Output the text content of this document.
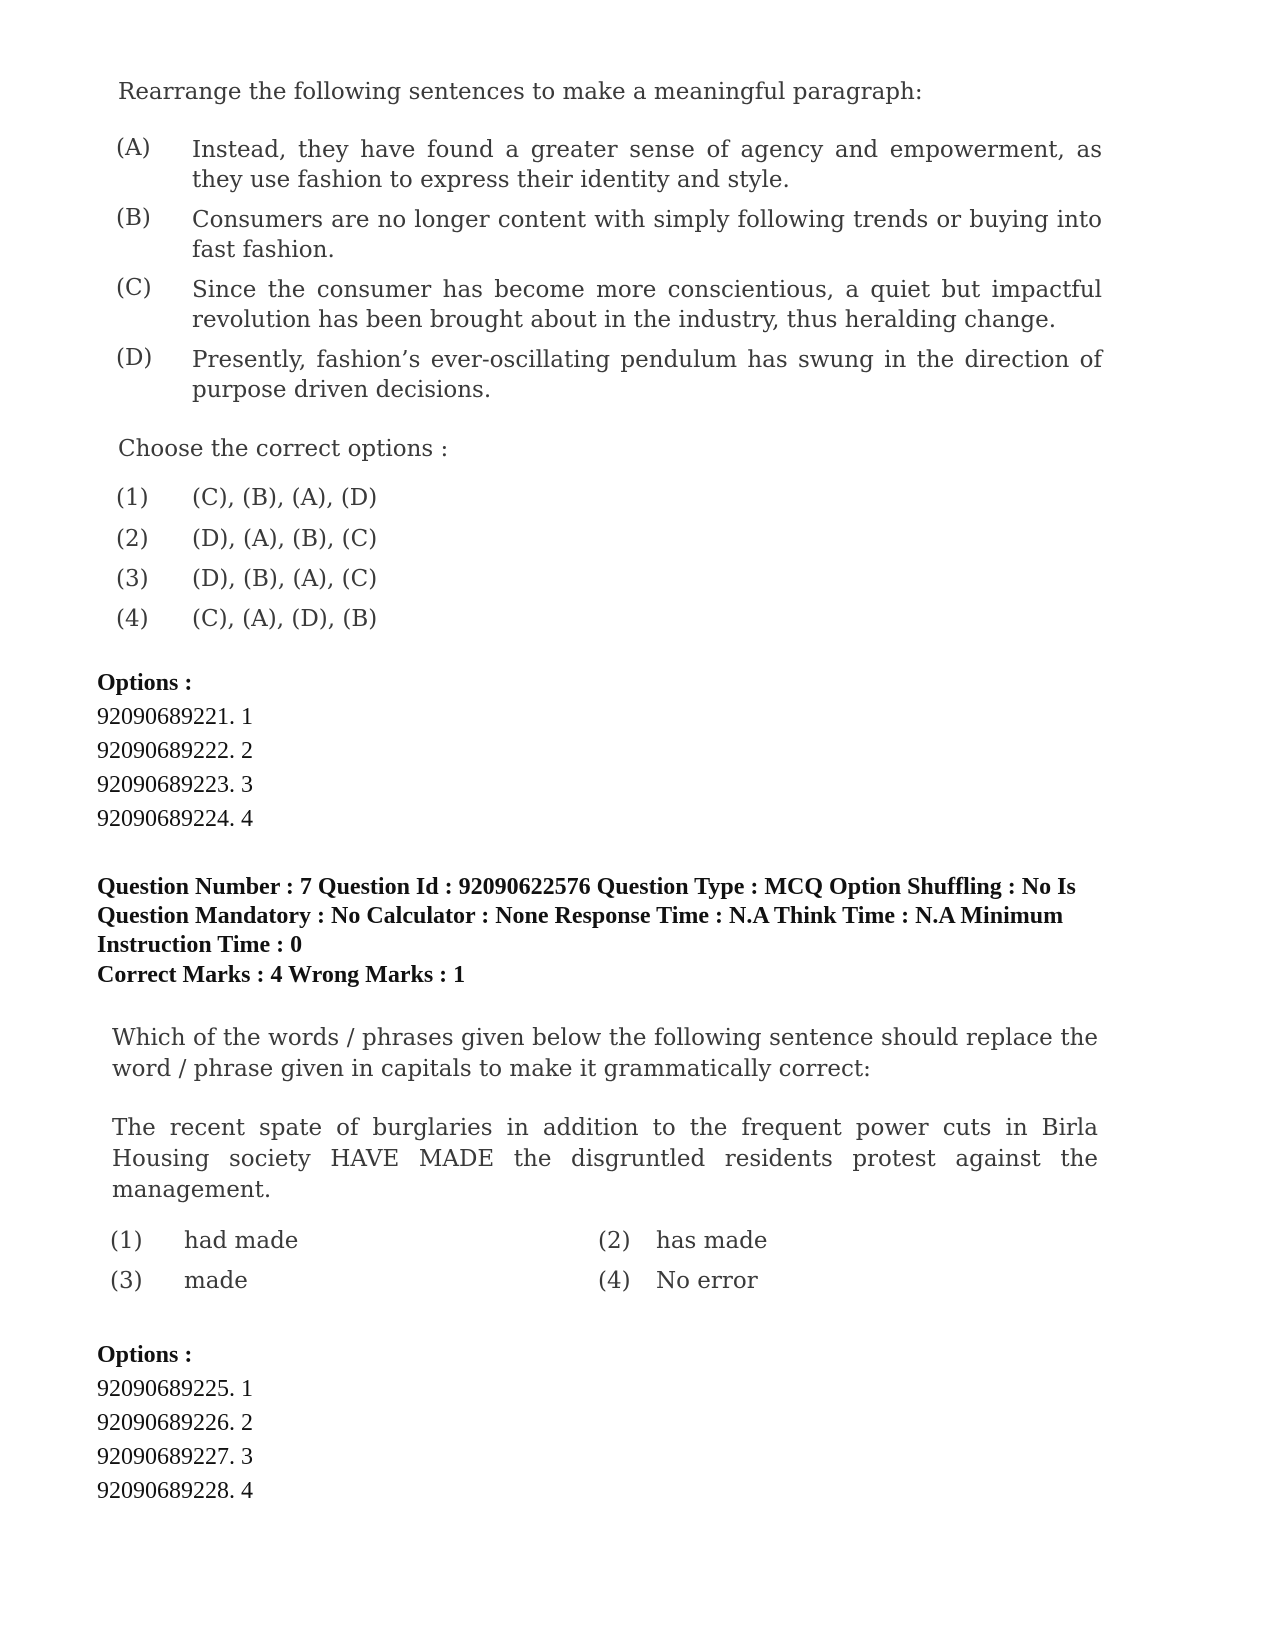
Rearrange the following sentences to make a meaningful paragraph:
(A) Instead, they have found a greater sense of agency and empowerment, as they use fashion to express their identity and style.
(B) Consumers are no longer content with simply following trends or buying into fast fashion.
(C) Since the consumer has become more conscientious, a quiet but impactful revolution has been brought about in the industry, thus heralding change.
(D) Presently, fashion’s ever-oscillating pendulum has swung in the direction of purpose driven decisions.
Choose the correct options :
(1) (C), (B), (A), (D)
(2) (D), (A), (B), (C)
(3) (D), (B), (A), (C)
(4) (C), (A), (D), (B)
Options :
92090689221. 1
92090689222. 2
92090689223. 3
92090689224. 4
Question Number : 7 Question Id : 92090622576 Question Type : MCQ Option Shuffling : No Is Question Mandatory : No Calculator : None Response Time : N.A Think Time : N.A Minimum Instruction Time : 0
Correct Marks : 4 Wrong Marks : 1
Which of the words / phrases given below the following sentence should replace the word / phrase given in capitals to make it grammatically correct:
The recent spate of burglaries in addition to the frequent power cuts in Birla Housing society HAVE MADE the disgruntled residents protest against the management.
(1) had made	(2) has made
(3) made	(4) No error
Options :
92090689225. 1
92090689226. 2
92090689227. 3
92090689228. 4
